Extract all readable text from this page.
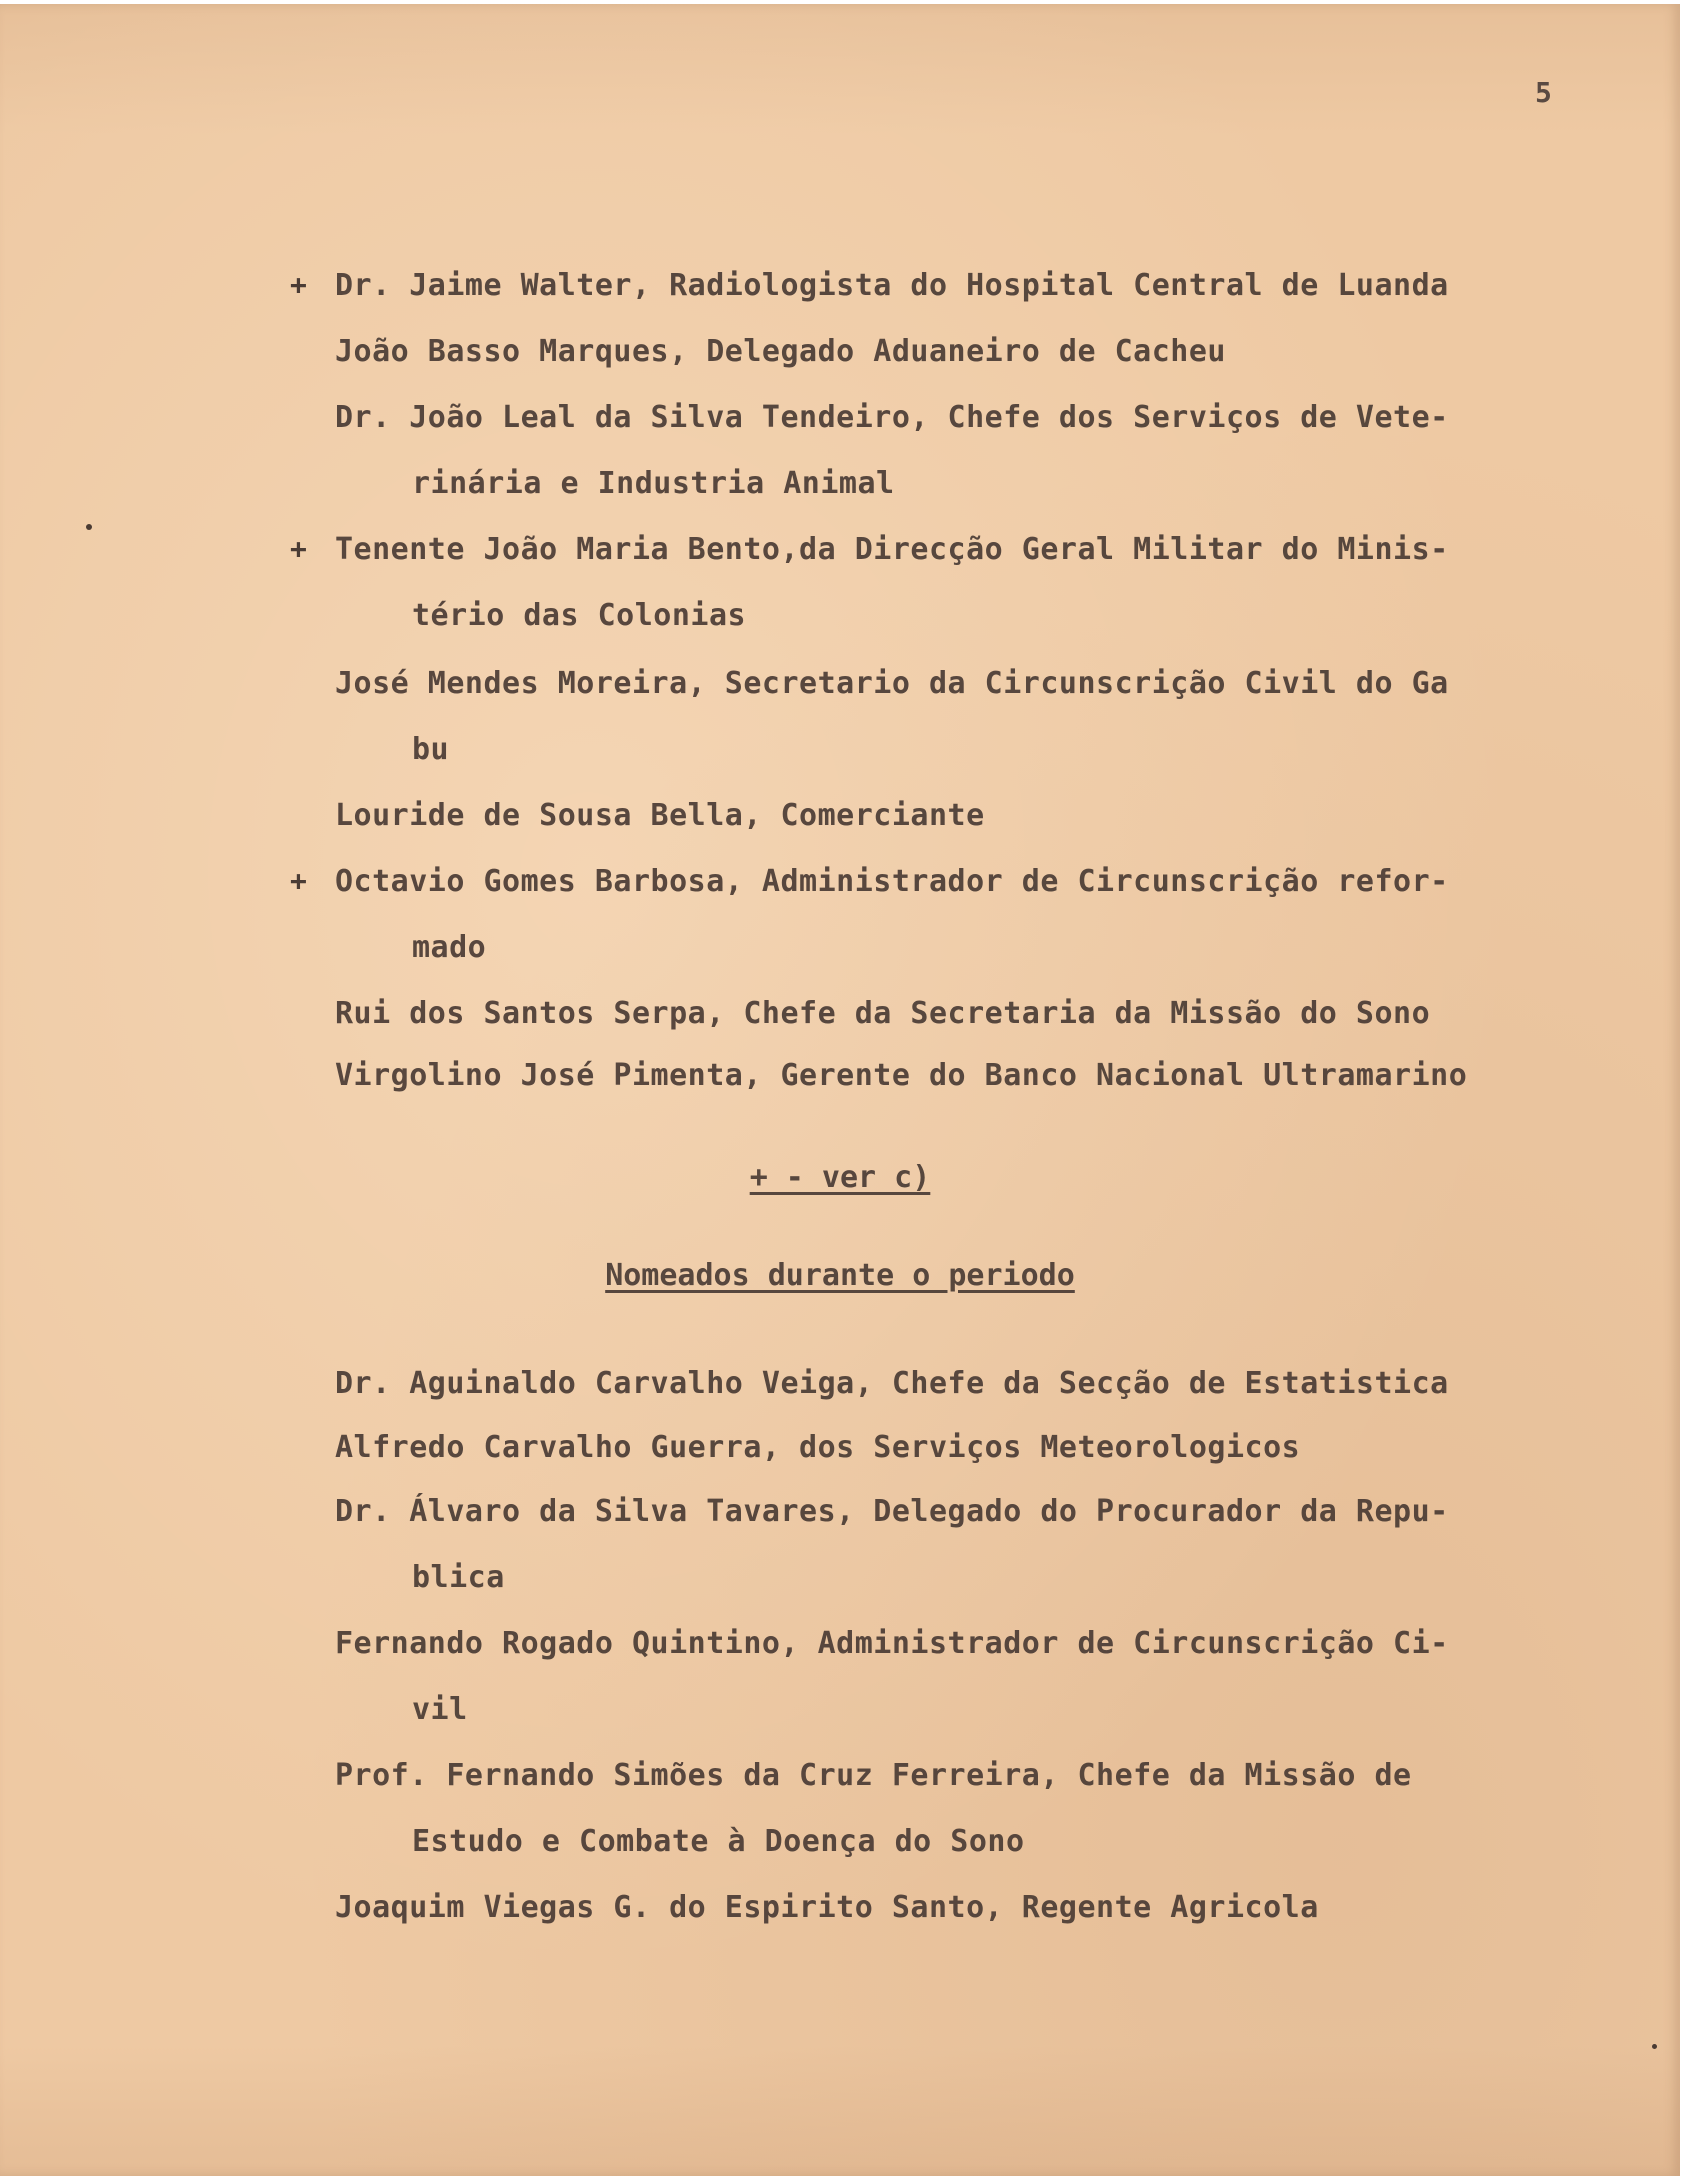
5
+ Dr. Jaime Walter, Radiologista do Hospital Central de Luanda
João Basso Marques, Delegado Aduaneiro de Cacheu
Dr. João Leal da Silva Tendeiro, Chefe dos Serviços de Vete-
rinária e Industria Animal
+ Tenente João Maria Bento,da Direcção Geral Militar do Minis-
tério das Colonias
José Mendes Moreira, Secretario da Circunscrição Civil do Ga
bu
Louride de Sousa Bella, Comerciante
+ Octavio Gomes Barbosa, Administrador de Circunscrição refor-
mado
Rui dos Santos Serpa, Chefe da Secretaria da Missão do Sono
Virgolino José Pimenta, Gerente do Banco Nacional Ultramarino
+ - ver c)
Nomeados durante o periodo
Dr. Aguinaldo Carvalho Veiga, Chefe da Secção de Estatistica
Alfredo Carvalho Guerra, dos Serviços Meteorologicos
Dr. Álvaro da Silva Tavares, Delegado do Procurador da Repu-
blica
Fernando Rogado Quintino, Administrador de Circunscrição Ci-
vil
Prof. Fernando Simões da Cruz Ferreira, Chefe da Missão de
Estudo e Combate à Doença do Sono
Joaquim Viegas G. do Espirito Santo, Regente Agricola
